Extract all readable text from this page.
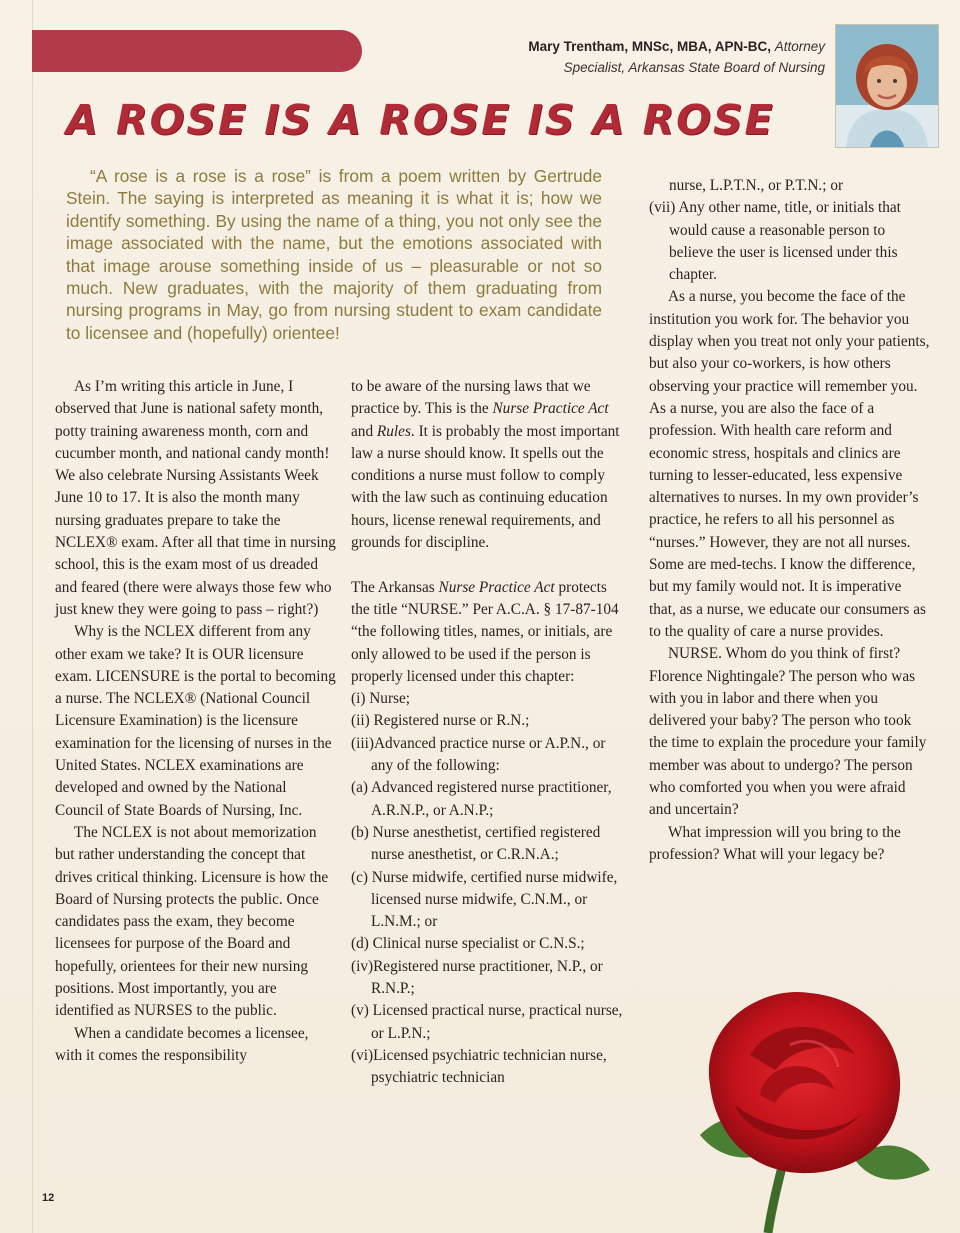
Mary Trentham, MNSc, MBA, APN-BC, Attorney
Specialist, Arkansas State Board of Nursing
A ROSE IS A ROSE IS A ROSE

“A rose is a rose is a rose” is from a poem written by Gertrude Stein. The saying is interpreted as meaning it is what it is; how we identify something. By using the name of a thing, you not only see the image associated with the name, but the emotions associated with that image arouse something inside of us – pleasurable or not so much. New graduates, with the majority of them graduating from nursing programs in May, go from nursing student to exam candidate to licensee and (hopefully) orientee!

As I’m writing this article in June, I observed that June is national safety month, potty training awareness month, corn and cucumber month, and national candy month! We also celebrate Nursing Assistants Week June 10 to 17. It is also the month many nursing graduates prepare to take the NCLEX® exam. After all that time in nursing school, this is the exam most of us dreaded and feared (there were always those few who just knew they were going to pass – right?)

Why is the NCLEX different from any other exam we take? It is OUR licensure exam. LICENSURE is the portal to becoming a nurse. The NCLEX® (National Council Licensure Examination) is the licensure examination for the licensing of nurses in the United States. NCLEX examinations are developed and owned by the National Council of State Boards of Nursing, Inc.

The NCLEX is not about memorization but rather understanding the concept that drives critical thinking. Licensure is how the Board of Nursing protects the public. Once candidates pass the exam, they become licensees for purpose of the Board and hopefully, orientees for their new nursing positions. Most importantly, you are identified as NURSES to the public.

When a candidate becomes a licensee, with it comes the responsibility

to be aware of the nursing laws that we practice by. This is the Nurse Practice Act and Rules. It is probably the most important law a nurse should know. It spells out the conditions a nurse must follow to comply with the law such as continuing education hours, license renewal requirements, and grounds for discipline.

The Arkansas Nurse Practice Act protects the title “NURSE.” Per A.C.A. § 17-87-104 “the following titles, names, or initials, are only allowed to be used if the person is properly licensed under this chapter:

(i) Nurse;

(ii) Registered nurse or R.N.;

(iii)Advanced practice nurse or A.P.N., or any of the following:

(a) Advanced registered nurse practitioner, A.R.N.P., or A.N.P.;

(b) Nurse anesthetist, certified registered nurse anesthetist, or C.R.N.A.;

(c) Nurse midwife, certified nurse midwife, licensed nurse midwife, C.N.M., or L.N.M.; or

(d) Clinical nurse specialist or C.N.S.;

(iv)Registered nurse practitioner, N.P., or R.N.P.;

(v) Licensed practical nurse, practical nurse, or L.P.N.;

(vi)Licensed psychiatric technician nurse, psychiatric technician

nurse, L.P.T.N., or P.T.N.; or

(vii) Any other name, title, or initials that would cause a reasonable person to believe the user is licensed under this chapter.

As a nurse, you become the face of the institution you work for. The behavior you display when you treat not only your patients, but also your co-workers, is how others observing your practice will remember you. As a nurse, you are also the face of a profession. With health care reform and economic stress, hospitals and clinics are turning to lesser-educated, less expensive alternatives to nurses. In my own provider’s practice, he refers to all his personnel as “nurses.” However, they are not all nurses. Some are med-techs. I know the difference, but my family would not. It is imperative that, as a nurse, we educate our consumers as to the quality of care a nurse provides.

NURSE. Whom do you think of first? Florence Nightingale? The person who was with you in labor and there when you delivered your baby? The person who took the time to explain the procedure your family member was about to undergo? The person who comforted you when you were afraid and uncertain?

What impression will you bring to the profession? What will your legacy be?

12
